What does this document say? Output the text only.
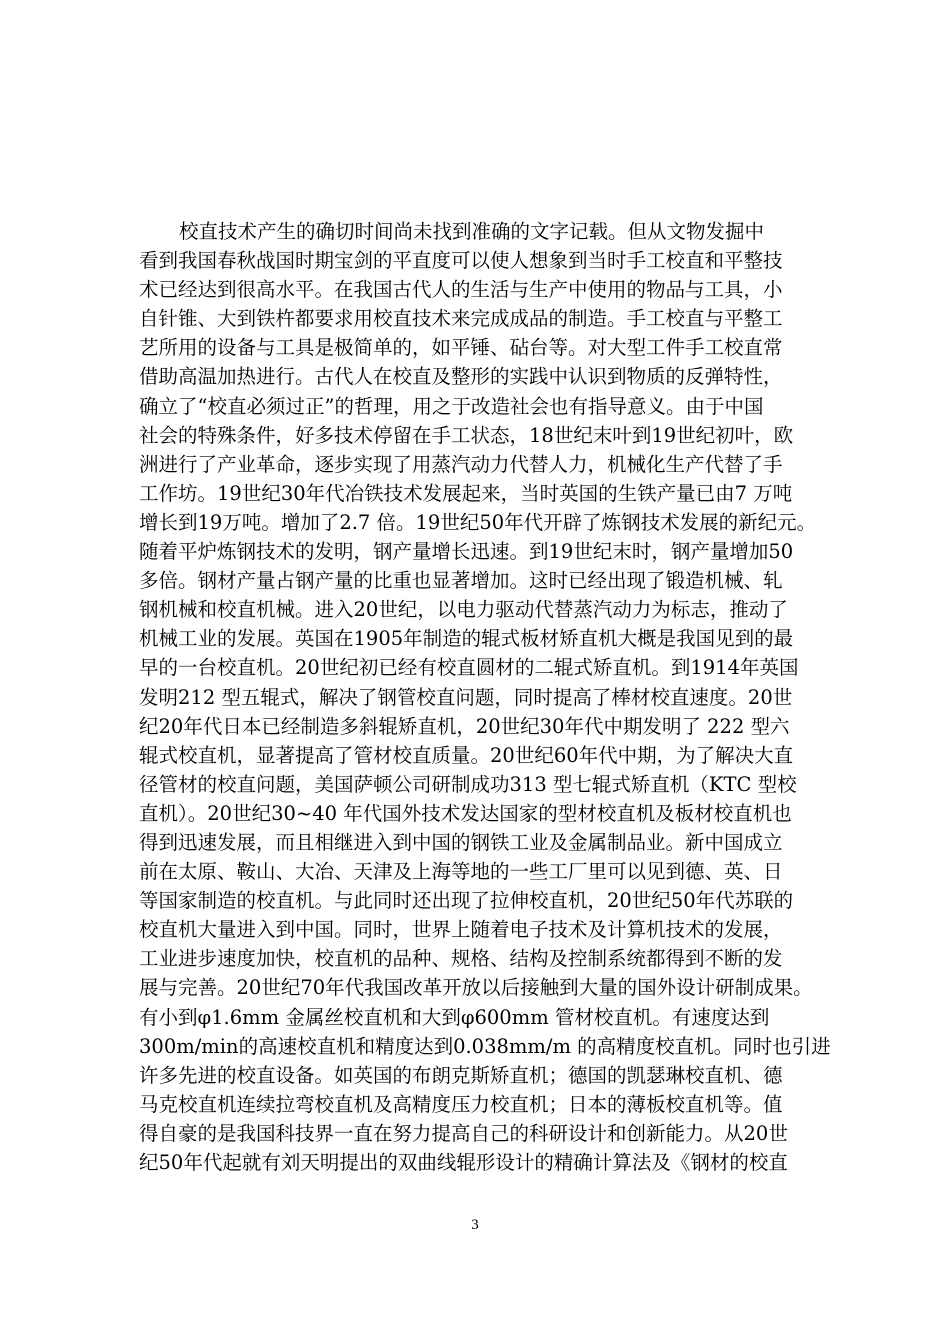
校直技术产生的确切时间尚未找到准确的文字记载。但从文物发掘中
看到我国春秋战国时期宝剑的平直度可以使人想象到当时手工校直和平整技
术已经达到很高水平。在我国古代人的生活与生产中使用的物品与工具，小
自针锥、大到铁杵都要求用校直技术来完成成品的制造。手工校直与平整工
艺所用的设备与工具是极简单的，如平锤、砧台等。对大型工件手工校直常
借助高温加热进行。古代人在校直及整形的实践中认识到物质的反弹特性，
确立了“校直必须过正”的哲理，用之于改造社会也有指导意义。由于中国
社会的特殊条件，好多技术停留在手工状态，18世纪末叶到19世纪初叶，欧
洲进行了产业革命，逐步实现了用蒸汽动力代替人力，机械化生产代替了手
工作坊。19世纪30年代冶铁技术发展起来，当时英国的生铁产量已由7 万吨
增长到19万吨。增加了2.7 倍。19世纪50年代开辟了炼钢技术发展的新纪元。
随着平炉炼钢技术的发明，钢产量增长迅速。到19世纪末时，钢产量增加50
多倍。钢材产量占钢产量的比重也显著增加。这时已经出现了锻造机械、轧
钢机械和校直机械。进入20世纪，以电力驱动代替蒸汽动力为标志，推动了
机械工业的发展。英国在1905年制造的辊式板材矫直机大概是我国见到的最
早的一台校直机。20世纪初已经有校直圆材的二辊式矫直机。到1914年英国
发明212 型五辊式，解决了钢管校直问题，同时提高了棒材校直速度。20世
纪20年代日本已经制造多斜辊矫直机，20世纪30年代中期发明了 222 型六
辊式校直机，显著提高了管材校直质量。20世纪60年代中期，为了解决大直
径管材的校直问题，美国萨顿公司研制成功313 型七辊式矫直机（KTC 型校
直机）。20世纪30~40 年代国外技术发达国家的型材校直机及板材校直机也
得到迅速发展，而且相继进入到中国的钢铁工业及金属制品业。新中国成立
前在太原、鞍山、大冶、天津及上海等地的一些工厂里可以见到德、英、日
等国家制造的校直机。与此同时还出现了拉伸校直机，20世纪50年代苏联的
校直机大量进入到中国。同时，世界上随着电子技术及计算机技术的发展，
工业进步速度加快，校直机的品种、规格、结构及控制系统都得到不断的发
展与完善。20世纪70年代我国改革开放以后接触到大量的国外设计研制成果。
有小到φ1.6mm 金属丝校直机和大到φ600mm 管材校直机。有速度达到
300m/min的高速校直机和精度达到0.038mm/m 的高精度校直机。同时也引进
许多先进的校直设备。如英国的布朗克斯矫直机；德国的凯瑟琳校直机、德
马克校直机连续拉弯校直机及高精度压力校直机；日本的薄板校直机等。值
得自豪的是我国科技界一直在努力提高自己的科研设计和创新能力。从20世
纪50年代起就有刘天明提出的双曲线辊形设计的精确计算法及《钢材的校直
3
